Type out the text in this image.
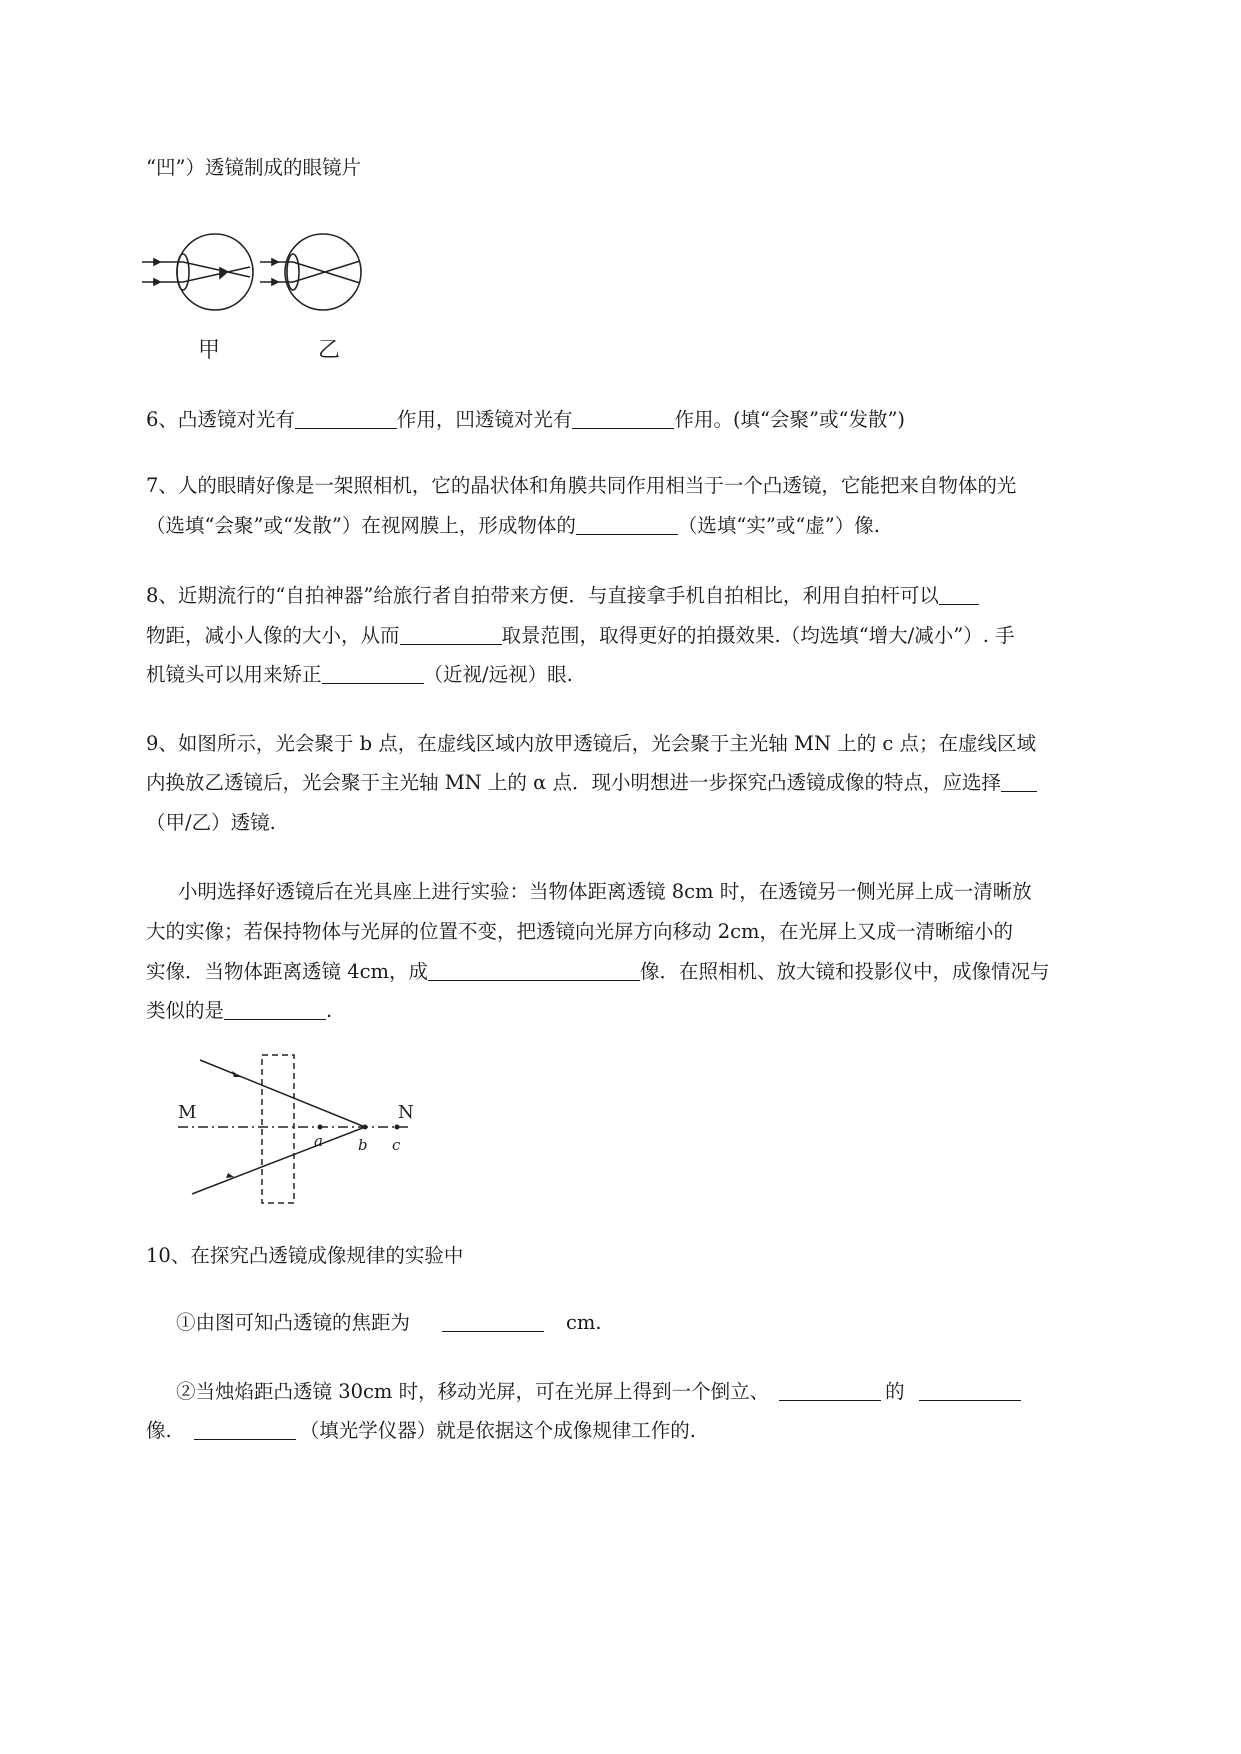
“凹”）透镜制成的眼镜片
甲	乙
6、凸透镜对光有	作用，凹透镜对光有	作用。(填“会聚”或“发散”)
7、人的眼睛好像是一架照相机，它的晶状体和角膜共同作用相当于一个凸透镜，它能把来自物体的光
（选填“会聚”或“发散”）在视网膜上，形成物体的	（选填“实”或“虚”）像.
8、近期流行的“自拍神器”给旅行者自拍带来方便．与直接拿手机自拍相比，利用自拍杆可以
物距，减小人像的大小，从而	取景范围，取得更好的拍摄效果.（均选填“增大/减小”）. 手
机镜头可以用来矫正	（近视/远视）眼.
9、如图所示，光会聚于 b 点，在虚线区域内放甲透镜后，光会聚于主光轴 MN 上的 c 点；在虚线区域
内换放乙透镜后，光会聚于主光轴 MN 上的 α 点．现小明想进一步探究凸透镜成像的特点，应选择
（甲/乙）透镜.
小明选择好透镜后在光具座上进行实验：当物体距离透镜 8cm 时，在透镜另一侧光屏上成一清晰放
大的实像；若保持物体与光屏的位置不变，把透镜向光屏方向移动 2cm，在光屏上又成一清晰缩小的
实像．当物体距离透镜 4cm，成	像．在照相机、放大镜和投影仪中，成像情况与
类似的是	.
M	N
a b c
10、在探究凸透镜成像规律的实验中
①由图可知凸透镜的焦距为	cm.
②当烛焰距凸透镜 30cm 时，移动光屏，可在光屏上得到一个倒立、	的
像.	（填光学仪器）就是依据这个成像规律工作的.
